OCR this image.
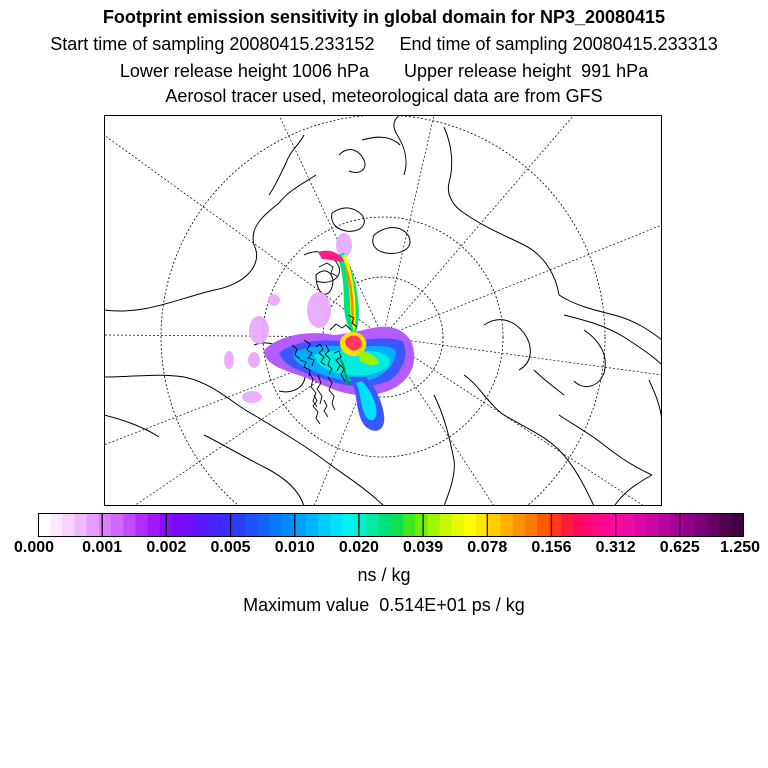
Footprint emission sensitivity in global domain for NP3_20080415
Start time of sampling 20080415.233152     End time of sampling 20080415.233313
Lower release height 1006 hPa       Upper release height  991 hPa
Aerosol tracer used, meteorological data are from GFS
0.000 0.001 0.002 0.005 0.010 0.020 0.039 0.078 0.156 0.312 0.625 1.250
ns / kg
Maximum value  0.514E+01 ps / kg
